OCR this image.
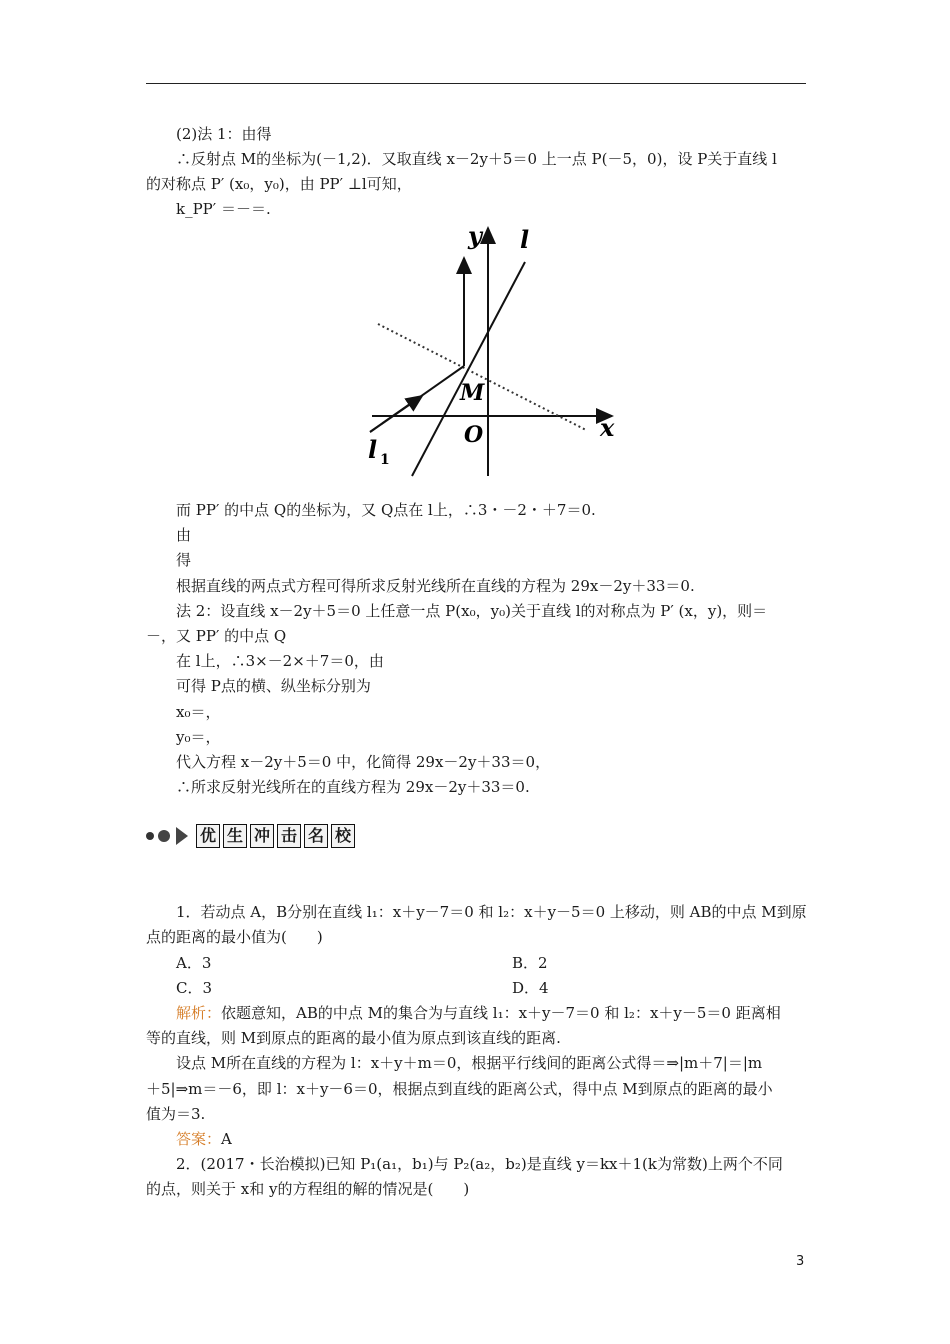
(2)法 1：由得
∴反射点 M的坐标为(－1,2)．又取直线 x－2y＋5＝0 上一点 P(－5，0)，设 P关于直线 l
的对称点 P′ (x₀，y₀)，由 PP′ ⊥l可知，
k_PP′ ＝－＝.
y l
M
O	x
l 1
而 PP′ 的中点 Q的坐标为，又 Q点在 l上，∴3・－2・＋7＝0.
由
得
根据直线的两点式方程可得所求反射光线所在直线的方程为 29x－2y＋33＝0.
法 2：设直线 x－2y＋5＝0 上任意一点 P(x₀，y₀)关于直线 l的对称点为 P′ (x，y)，则＝
－，又 PP′ 的中点 Q
在 l上，∴3×－2×＋7＝0，由
可得 P点的横、纵坐标分别为
x₀＝，
y₀＝，
代入方程 x－2y＋5＝0 中，化简得 29x－2y＋33＝0，
∴所求反射光线所在的直线方程为 29x－2y＋33＝0.
优 生 冲 击 名 校
1．若动点 A，B分别在直线 l₁：x＋y－7＝0 和 l₂：x＋y－5＝0 上移动，则 AB的中点 M到原
点的距离的最小值为(　　)
A．3	B．2
C．3	D．4
解析：依题意知，AB的中点 M的集合为与直线 l₁：x＋y－7＝0 和 l₂：x＋y－5＝0 距离相
等的直线，则 M到原点的距离的最小值为原点到该直线的距离.
设点 M所在直线的方程为 l：x＋y＋m＝0，根据平行线间的距离公式得＝⇒|m＋7|＝|m
＋5|⇒m＝－6，即 l：x＋y－6＝0，根据点到直线的距离公式，得中点 M到原点的距离的最小
值为＝3.
答案：A
2．(2017・长治模拟)已知 P₁(a₁，b₁)与 P₂(a₂，b₂)是直线 y＝kx＋1(k为常数)上两个不同
的点，则关于 x和 y的方程组的解的情况是(　　)
3
